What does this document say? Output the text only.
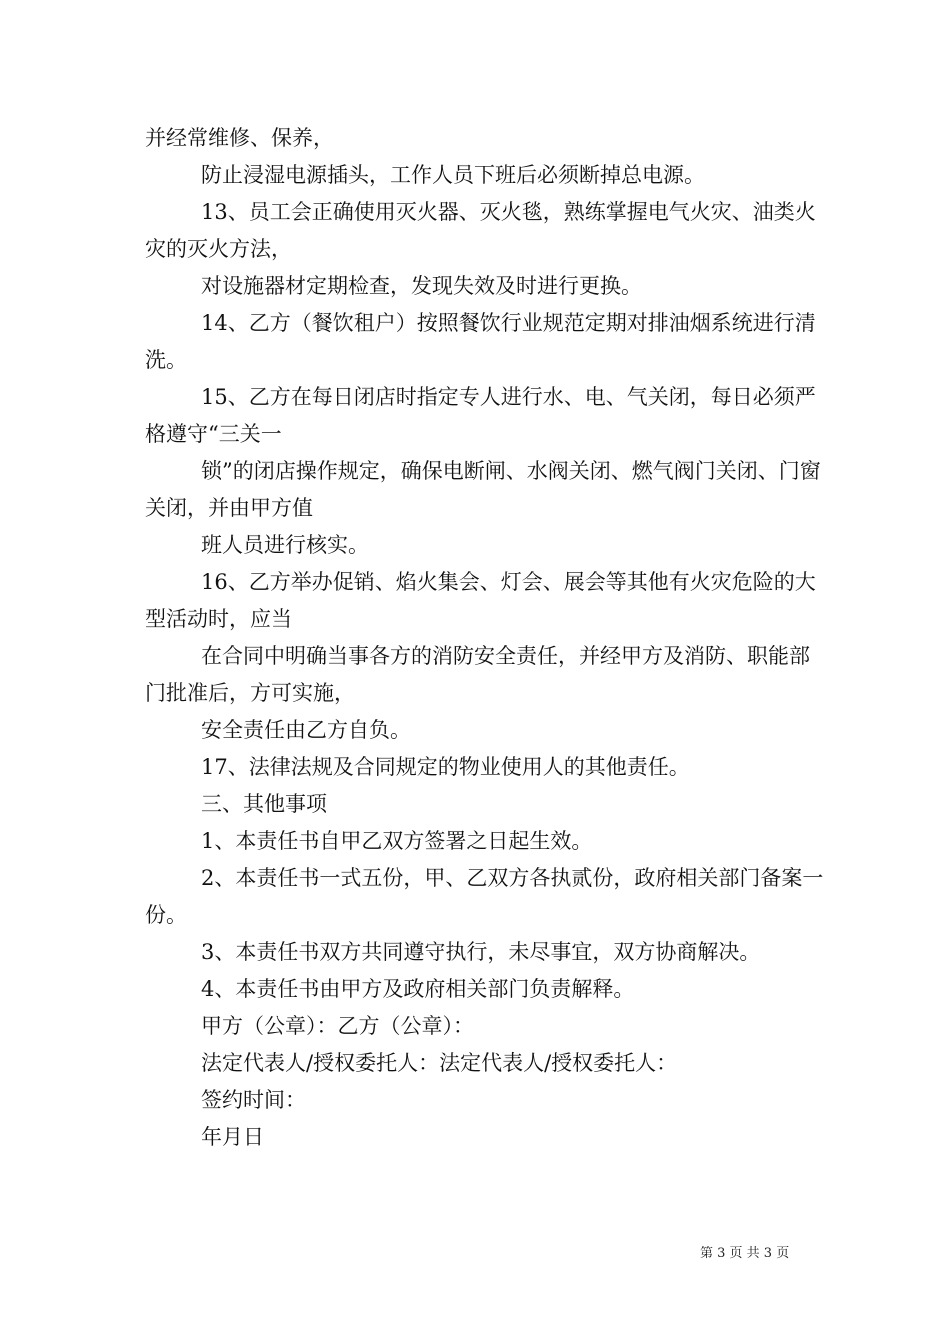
并经常维修、保养，

防止浸湿电源插头，工作人员下班后必须断掉总电源。

13、员工会正确使用灭火器、灭火毯，熟练掌握电气火灾、油类火灾的灭火方法，

对设施器材定期检查，发现失效及时进行更换。

14、乙方（餐饮租户）按照餐饮行业规范定期对排油烟系统进行清洗。

15、乙方在每日闭店时指定专人进行水、电、气关闭，每日必须严格遵守“三关一

锁”的闭店操作规定，确保电断闸、水阀关闭、燃气阀门关闭、门窗关闭，并由甲方值

班人员进行核实。

16、乙方举办促销、焰火集会、灯会、展会等其他有火灾危险的大型活动时，应当

在合同中明确当事各方的消防安全责任，并经甲方及消防、职能部门批准后，方可实施，

安全责任由乙方自负。

17、法律法规及合同规定的物业使用人的其他责任。

三、其他事项

1、本责任书自甲乙双方签署之日起生效。

2、本责任书一式五份，甲、乙双方各执贰份，政府相关部门备案一份。

3、本责任书双方共同遵守执行，未尽事宜，双方协商解决。

4、本责任书由甲方及政府相关部门负责解释。

甲方（公章）：乙方（公章）：

法定代表人/授权委托人：法定代表人/授权委托人：

签约时间：

年月日

第 3 页 共 3 页
